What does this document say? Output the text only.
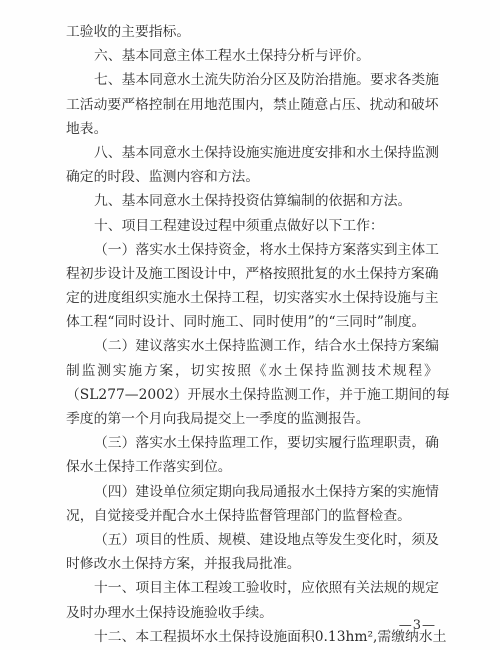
工验收的主要指标。
六、基本同意主体工程水土保持分析与评价。
七 、 基 本 同 意 水 土 流 失 防 治 分 区 及 防 治 措 施 。 要 求 各 类 施
工 活 动 要 严 格 控 制 在 用 地 范 围 内 ， 禁 止 随 意 占 压 、 扰 动 和 破 坏
地表。
八 、 基 本 同 意 水 土 保 持 设 施 实 施 进 度 安 排 和 水 土 保 持 监 测
确定的时段、监测内容和方法。
九、基本同意水土保持投资估算编制的依据和方法。
十、项目工程建设过程中须重点做好以下工作：
（ 一 ） 落 实 水 土 保 持 资 金 ， 将 水 土 保 持 方 案 落 实 到 主 体 工
程 初 步 设 计 及 施 工 图 设 计 中 ， 严 格 按 照 批 复 的 水 土 保 持 方 案 确
定 的 进 度 组 织 实 施 水 土 保 持 工 程 ， 切 实 落 实 水 土 保 持 设 施 与 主
体工程“同时设计、同时施工、同时使用”的“三同时”制度。
（ 二 ） 建 议 落 实 水 土 保 持 监 测 工 作 ， 结 合 水 土 保 持 方 案 编
制 监 测 实 施 方 案 ， 切 实 按 照 《 水 土 保 持 监 测 技 术 规 程 》
（ S L 2 7 7 — 2 0 0 2 ） 开 展 水 土 保 持 监 测 工 作 ， 并 于 施 工 期 间 的 每
季度的第一个月向我局提交上一季度的监测报告。
（ 三 ） 落 实 水 土 保 持 监 理 工 作 ， 要 切 实 履 行 监 理 职 责 ， 确
保水土保持工作落实到位。
（ 四 ） 建 设 单 位 须 定 期 向 我 局 通 报 水 土 保 持 方 案 的 实 施 情
况，自觉接受并配合水土保持监督管理部门的监督检查。
（ 五 ） 项 目 的 性 质 、 规 模 、 建 设 地 点 等 发 生 变 化 时 ， 须 及
时修改水土保持方案，并报我局批准。
十 一 、 项 目 主 体 工 程 竣 工 验 收 时 ， 应 依 照 有 关 法 规 的 规 定
及时办理水土保持设施验收手续。
十 二 、 本 工 程 损 坏 水 土 保 持 设 施 面 积 0 . 1 3 h m ² , 需 缴 纳 水 土
—3—
